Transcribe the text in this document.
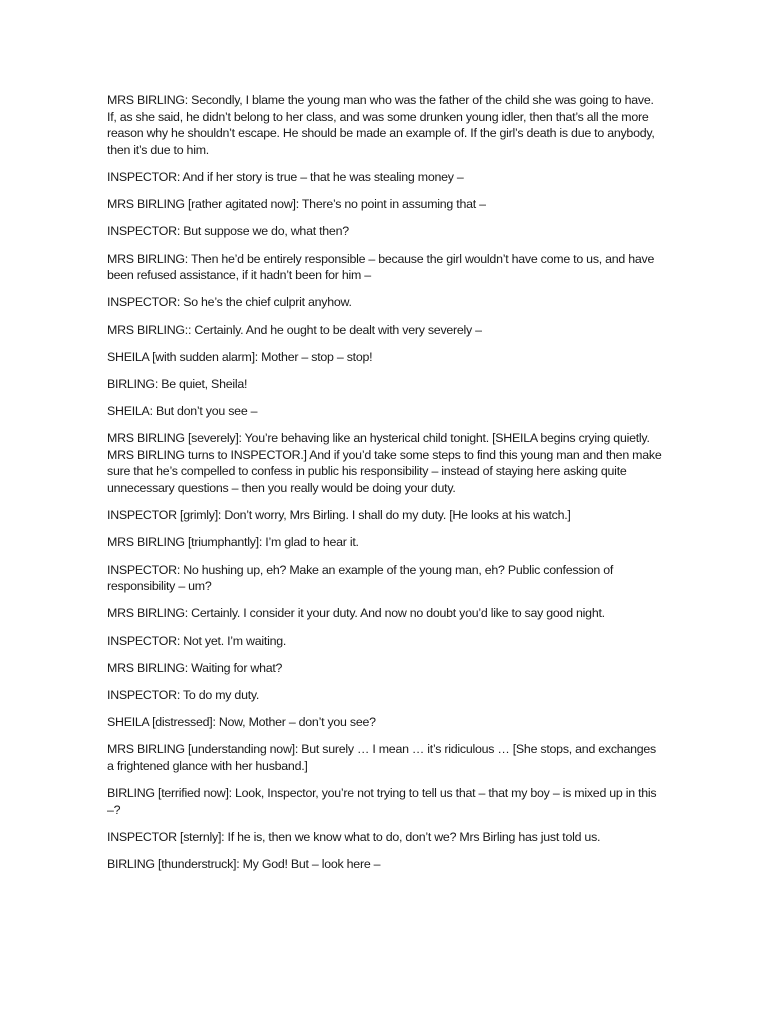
MRS BIRLING: Secondly, I blame the young man who was the father of the child she was going to have. If, as she said, he didn’t belong to her class, and was some drunken young idler, then that’s all the more reason why he shouldn’t escape. He should be made an example of. If the girl’s death is due to anybody, then it’s due to him.

INSPECTOR: And if her story is true – that he was stealing money –

MRS BIRLING [rather agitated now]: There’s no point in assuming that –

INSPECTOR: But suppose we do, what then?

MRS BIRLING: Then he’d be entirely responsible – because the girl wouldn’t have come to us, and have been refused assistance, if it hadn’t been for him –

INSPECTOR: So he’s the chief culprit anyhow.

MRS BIRLING:: Certainly. And he ought to be dealt with very severely –

SHEILA [with sudden alarm]: Mother – stop – stop!

BIRLING: Be quiet, Sheila!

SHEILA: But don’t you see –

MRS BIRLING [severely]: You’re behaving like an hysterical child tonight. [SHEILA begins crying quietly. MRS BIRLING turns to INSPECTOR.] And if you’d take some steps to find this young man and then make sure that he’s compelled to confess in public his responsibility – instead of staying here asking quite unnecessary questions – then you really would be doing your duty.

INSPECTOR [grimly]: Don’t worry, Mrs Birling. I shall do my duty. [He looks at his watch.]

MRS BIRLING [triumphantly]: I’m glad to hear it.

INSPECTOR: No hushing up, eh? Make an example of the young man, eh? Public confession of responsibility – um?

MRS BIRLING: Certainly. I consider it your duty. And now no doubt you’d like to say good night.

INSPECTOR: Not yet. I’m waiting.

MRS BIRLING: Waiting for what?

INSPECTOR: To do my duty.

SHEILA [distressed]: Now, Mother – don’t you see?

MRS BIRLING [understanding now]: But surely … I mean … it’s ridiculous … [She stops, and exchanges a frightened glance with her husband.]

BIRLING [terrified now]: Look, Inspector, you’re not trying to tell us that – that my boy – is mixed up in this –?

INSPECTOR [sternly]: If he is, then we know what to do, don’t we? Mrs Birling has just told us.

BIRLING [thunderstruck]: My God! But – look here –
